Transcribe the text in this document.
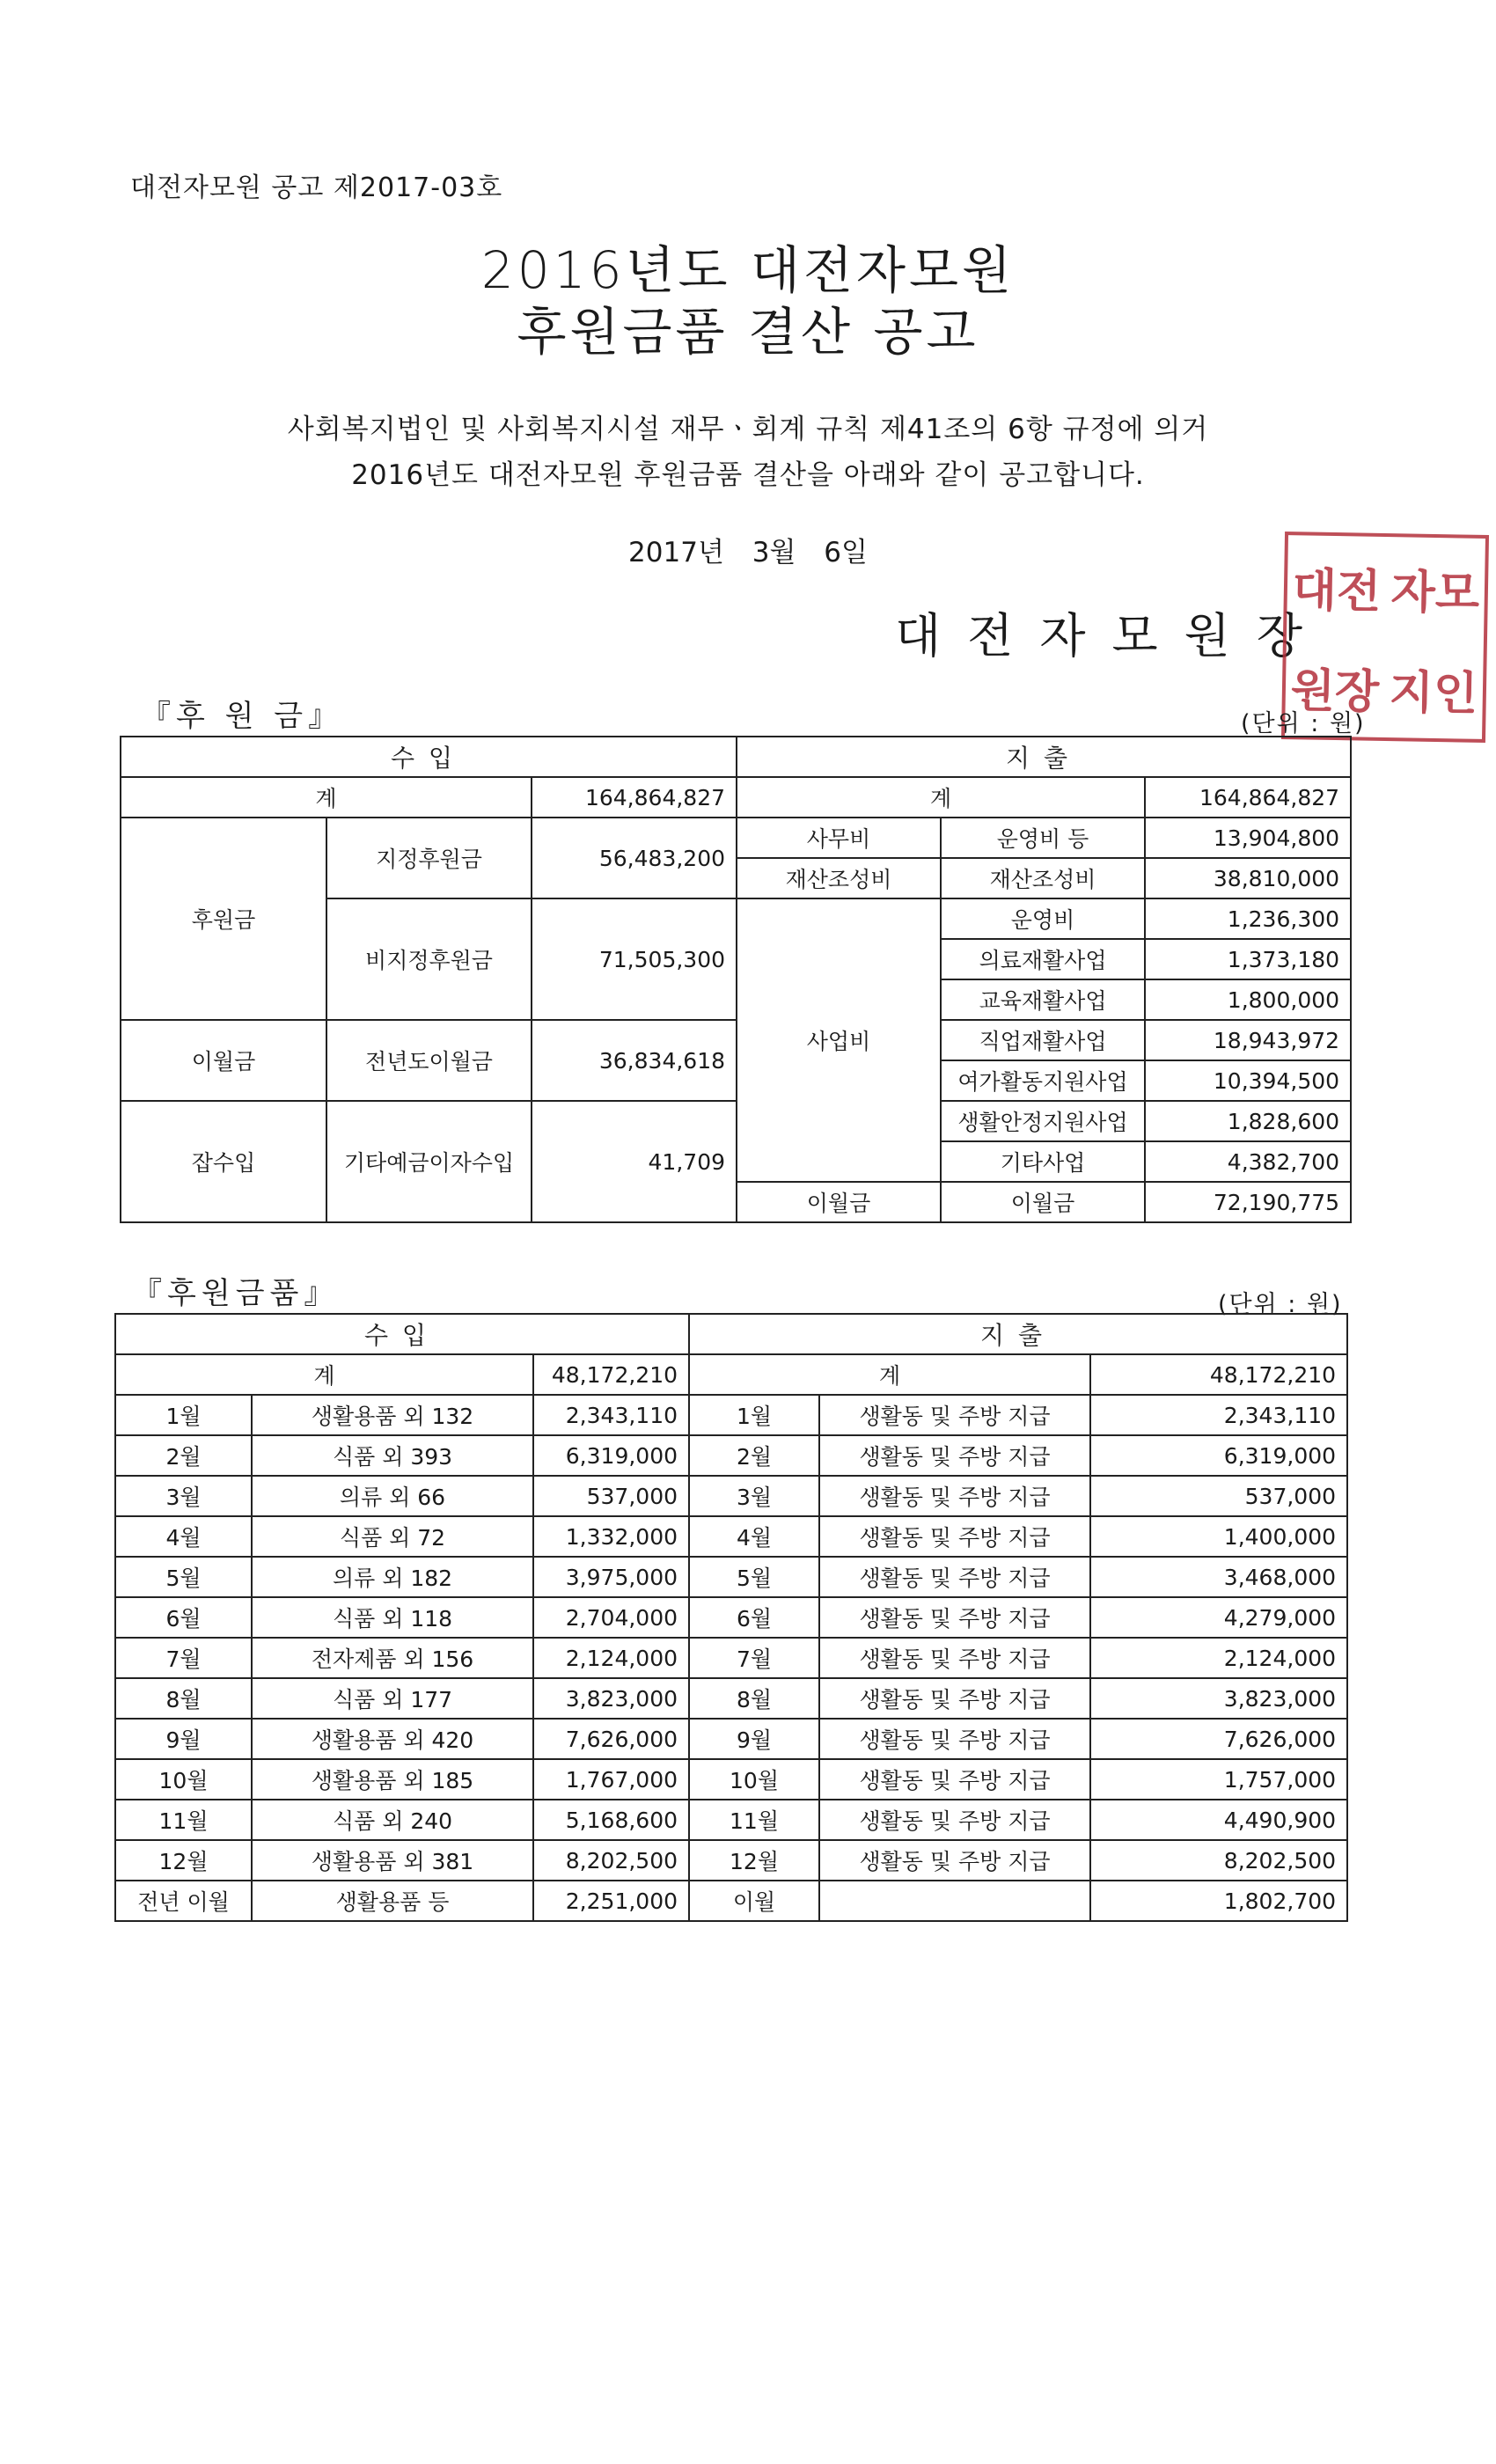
대전자모원 공고 제2017-03호
2016년도 대전자모원
후원금품 결산 공고
사회복지법인 및 사회복지시설 재무ㆍ회계 규칙 제41조의 6항 규정에 의거
2016년도 대전자모원 후원금품 결산을 아래와 같이 공고합니다.
2017년 3월 6일
대전자모원장
대전 자모
원장 지인
『후 원 금』	(단위 : 원)
수입			지출		
계		164,864,827	계		164,864,827
후원금	지정후원금	56,483,200	사무비	운영비 등	13,904,800
			재산조성비	재산조성비	38,810,000
	비지정후원금	71,505,300	사업비	운영비	1,236,300
				의료재활사업	1,373,180
				교육재활사업	1,800,000
이월금	전년도이월금	36,834,618		직업재활사업	18,943,972
				여가활동지원사업	10,394,500
잡수입	기타예금이자수입	41,709		생활안정지원사업	1,828,600
				기타사업	4,382,700
			이월금	이월금	72,190,775
『후원금품』	(단위 : 원)
수입			지출		
계		48,172,210	계		48,172,210
1월	생활용품 외 132	2,343,110	1월	생활동 및 주방 지급	2,343,110
2월	식품 외 393	6,319,000	2월	생활동 및 주방 지급	6,319,000
3월	의류 외 66	537,000	3월	생활동 및 주방 지급	537,000
4월	식품 외 72	1,332,000	4월	생활동 및 주방 지급	1,400,000
5월	의류 외 182	3,975,000	5월	생활동 및 주방 지급	3,468,000
6월	식품 외 118	2,704,000	6월	생활동 및 주방 지급	4,279,000
7월	전자제품 외 156	2,124,000	7월	생활동 및 주방 지급	2,124,000
8월	식품 외 177	3,823,000	8월	생활동 및 주방 지급	3,823,000
9월	생활용품 외 420	7,626,000	9월	생활동 및 주방 지급	7,626,000
10월	생활용품 외 185	1,767,000	10월	생활동 및 주방 지급	1,757,000
11월	식품 외 240	5,168,600	11월	생활동 및 주방 지급	4,490,900
12월	생활용품 외 381	8,202,500	12월	생활동 및 주방 지급	8,202,500
전년 이월	생활용품 등	2,251,000	이월		1,802,700
